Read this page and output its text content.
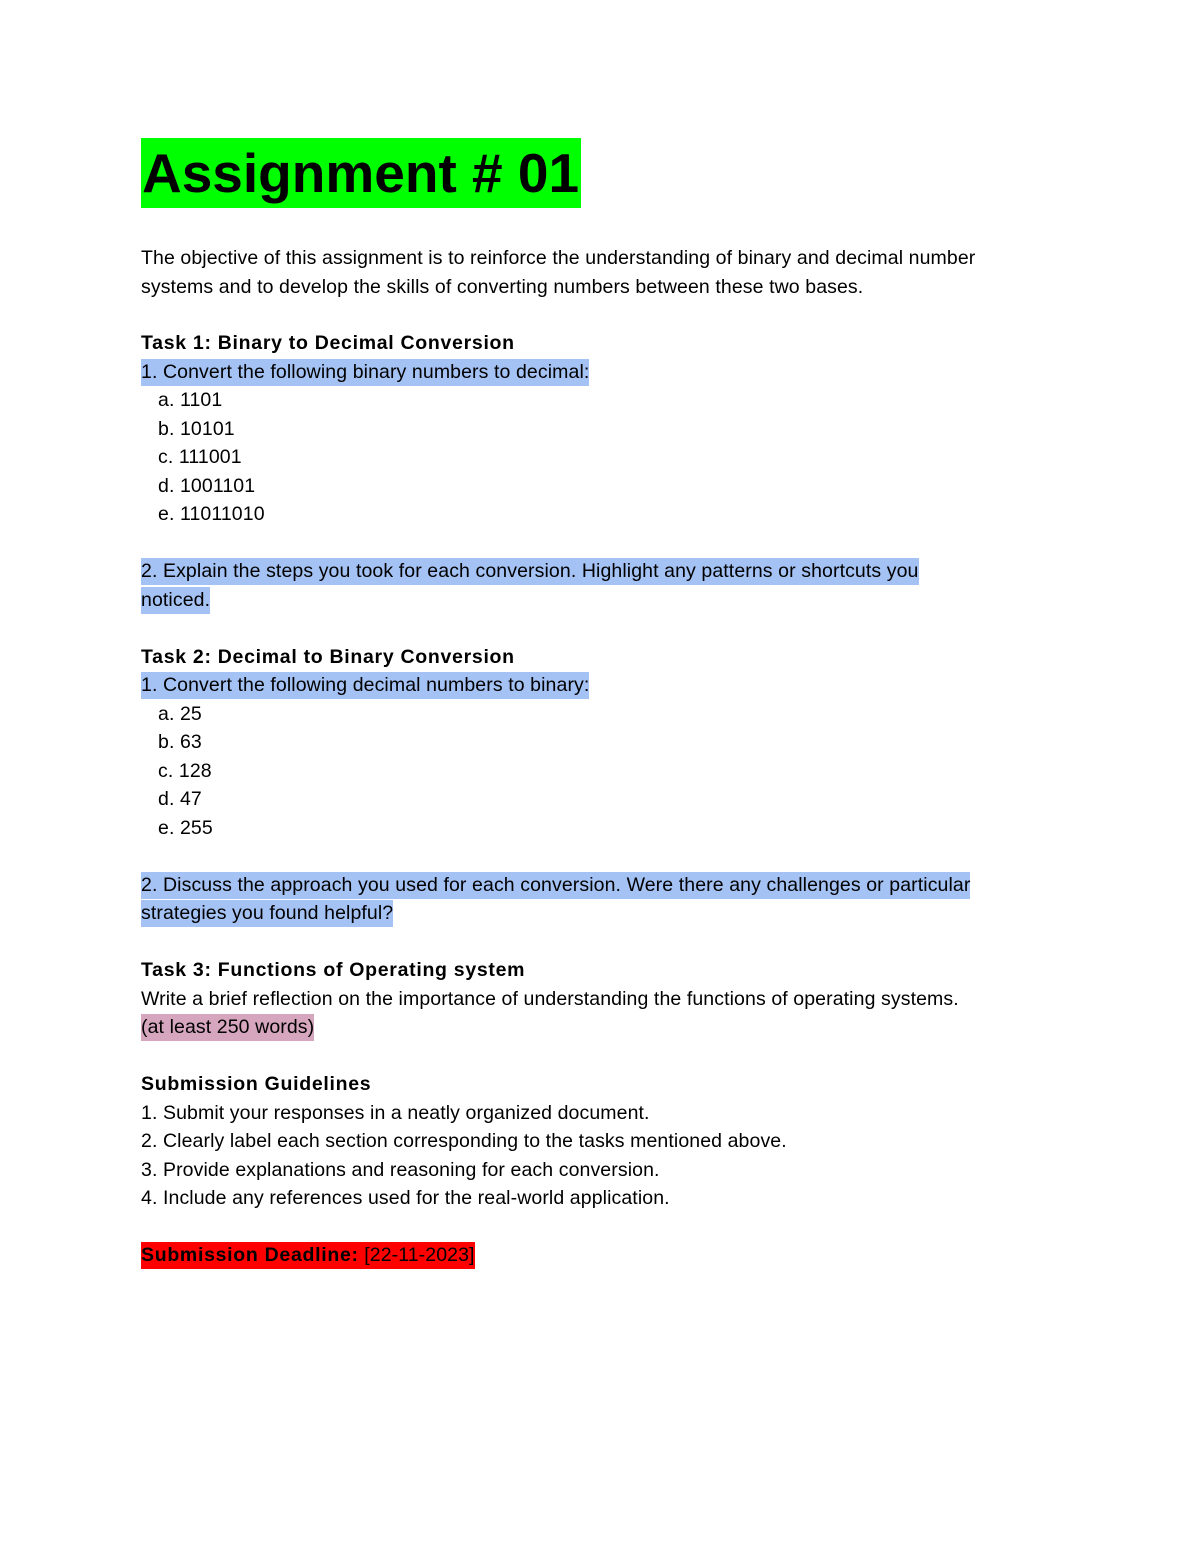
Assignment # 01
The objective of this assignment is to reinforce the understanding of binary and decimal number
systems and to develop the skills of converting numbers between these two bases.
Task 1: Binary to Decimal Conversion
1. Convert the following binary numbers to decimal:
a. 1101
b. 10101
c. 111001
d. 1001101
e. 11011010
2. Explain the steps you took for each conversion. Highlight any patterns or shortcuts you
noticed.
Task 2: Decimal to Binary Conversion
1. Convert the following decimal numbers to binary:
a. 25
b. 63
c. 128
d. 47
e. 255
2. Discuss the approach you used for each conversion. Were there any challenges or particular
strategies you found helpful?
Task 3: Functions of Operating system
Write a brief reflection on the importance of understanding the functions of operating systems.
(at least 250 words)
Submission Guidelines
1. Submit your responses in a neatly organized document.
2. Clearly label each section corresponding to the tasks mentioned above.
3. Provide explanations and reasoning for each conversion.
4. Include any references used for the real-world application.
Submission Deadline: [22-11-2023]
